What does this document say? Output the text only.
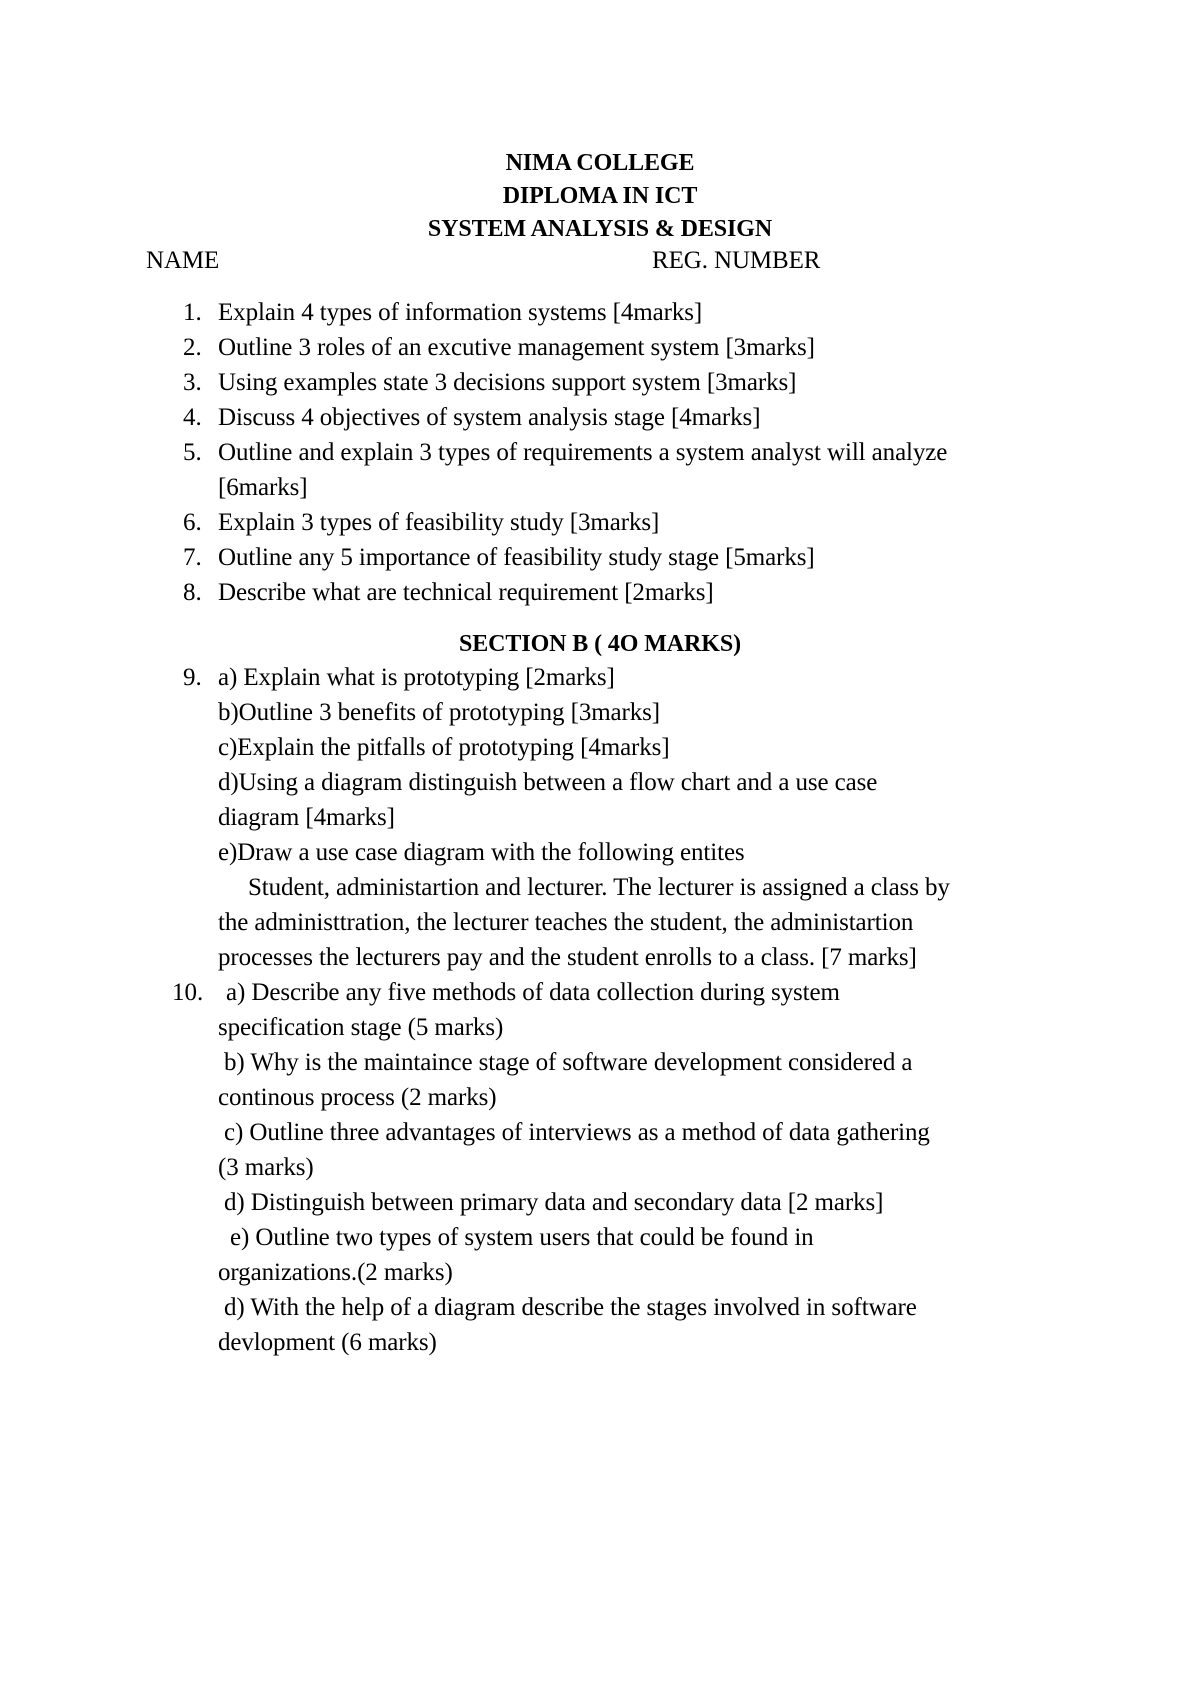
NIMA COLLEGE
DIPLOMA IN ICT
SYSTEM ANALYSIS & DESIGN
NAME	REG. NUMBER
1. Explain 4 types of information systems [4marks]
2. Outline 3 roles of an excutive management system [3marks]
3. Using examples state 3 decisions support system [3marks]
4. Discuss 4 objectives of system analysis stage [4marks]
5. Outline and explain 3 types of requirements a system analyst will analyze
[6marks]
6. Explain 3 types of feasibility study [3marks]
7. Outline any 5 importance of feasibility study stage [5marks]
8. Describe what are technical requirement [2marks]
SECTION B ( 4O MARKS)
9. a) Explain what is prototyping [2marks]
b)Outline 3 benefits of prototyping [3marks]
c)Explain the pitfalls of prototyping [4marks]
d)Using a diagram distinguish between a flow chart and a use case
diagram [4marks]
e)Draw a use case diagram with the following entites
Student, administartion and lecturer. The lecturer is assigned a class by
the administtration, the lecturer teaches the student, the administartion
processes the lecturers pay and the student enrolls to a class. [7 marks]
10. a) Describe any five methods of data collection during system
specification stage (5 marks)
b) Why is the maintaince stage of software development considered a
continous process (2 marks)
c) Outline three advantages of interviews as a method of data gathering
(3 marks)
d) Distinguish between primary data and secondary data [2 marks]
e) Outline two types of system users that could be found in
organizations.(2 marks)
d) With the help of a diagram describe the stages involved in software
devlopment (6 marks)
